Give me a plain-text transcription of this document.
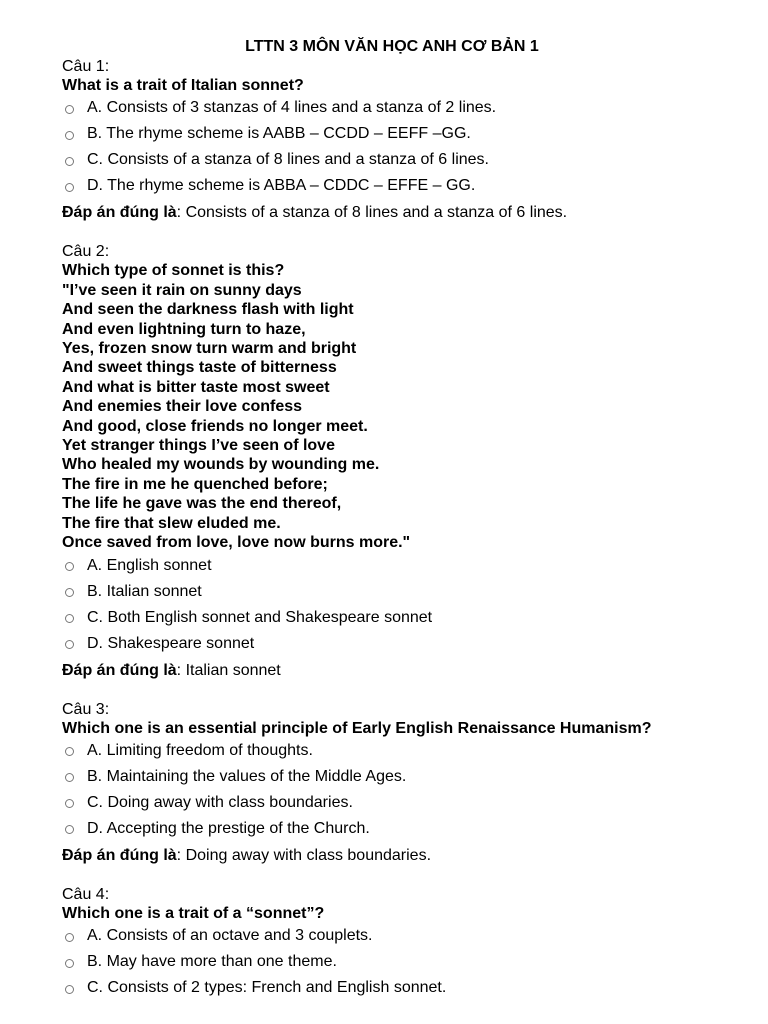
LTTN 3 MÔN VĂN HỌC ANH CƠ BẢN 1
Câu 1:
What is a trait of Italian sonnet?
A. Consists of 3 stanzas of 4 lines and a stanza of 2 lines.
B. The rhyme scheme is AABB – CCDD – EEFF –GG.
C. Consists of a stanza of 8 lines and a stanza of 6 lines.
D. The rhyme scheme is ABBA – CDDC – EFFE – GG.
Đáp án đúng là: Consists of a stanza of 8 lines and a stanza of 6 lines.
Câu 2:
Which type of sonnet is this?
"I’ve seen it rain on sunny days
And seen the darkness flash with light
And even lightning turn to haze,
Yes, frozen snow turn warm and bright
And sweet things taste of bitterness
And what is bitter taste most sweet
And enemies their love confess
And good, close friends no longer meet.
Yet stranger things I’ve seen of love
Who healed my wounds by wounding me.
The fire in me he quenched before;
The life he gave was the end thereof,
The fire that slew eluded me.
Once saved from love, love now burns more."
A. English sonnet
B. Italian sonnet
C. Both English sonnet and Shakespeare sonnet
D. Shakespeare sonnet
Đáp án đúng là: Italian sonnet
Câu 3:
Which one is an essential principle of Early English Renaissance Humanism?
A. Limiting freedom of thoughts.
B. Maintaining the values of the Middle Ages.
C. Doing away with class boundaries.
D. Accepting the prestige of the Church.
Đáp án đúng là: Doing away with class boundaries.
Câu 4:
Which one is a trait of a “sonnet”?
A. Consists of an octave and 3 couplets.
B. May have more than one theme.
C. Consists of 2 types: French and English sonnet.
